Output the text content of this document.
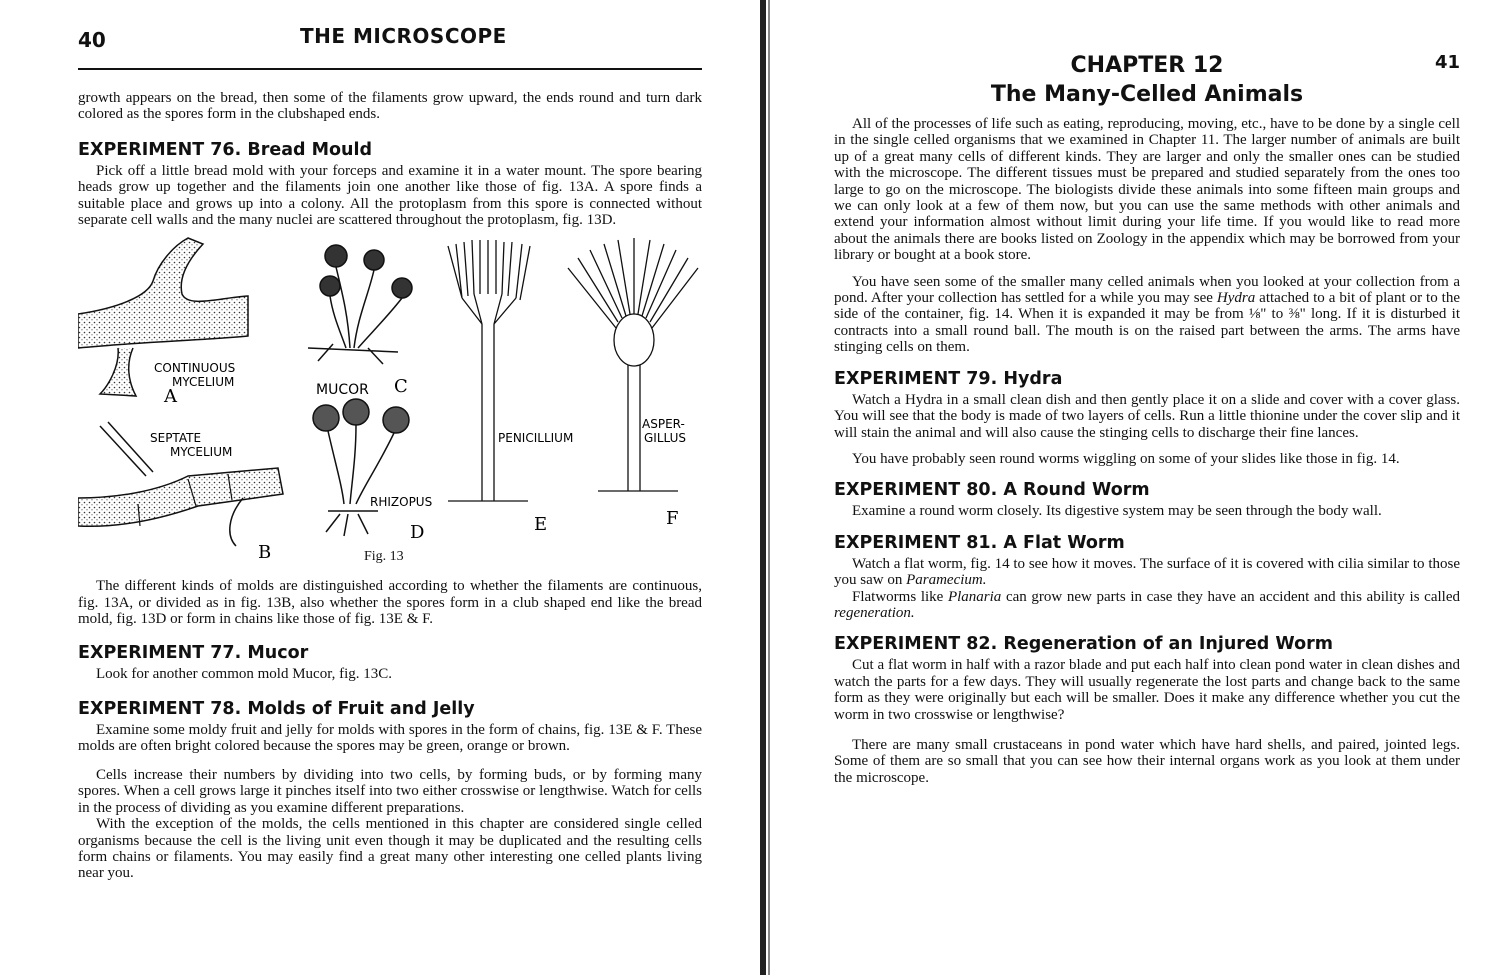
40	THE MICROSCOPE

growth appears on the bread, then some of the filaments grow upward, the ends round and turn dark colored as the spores form in the clubshaped ends.

EXPERIMENT 76. Bread Mould

Pick off a little bread mold with your forceps and examine it in a water mount. The spore bearing heads grow up together and the filaments join one another like those of fig. 13A. A spore finds a suitable place and grows up into a colony. All the protoplasm from this spore is connected without separate cell walls and the many nuclei are scattered throughout the protoplasm, fig. 13D.

CONTINUOUS
MYCELIUM
A
SEPTATE
MYCELIUM
B
MUCOR C
RHIZOPUS
D
PENICILLIUM
E
ASPER-
GILLUS
F
Fig. 13

The different kinds of molds are distinguished according to whether the filaments are continuous, fig. 13A, or divided as in fig. 13B, also whether the spores form in a club shaped end like the bread mold, fig. 13D or form in chains like those of fig. 13E & F.

EXPERIMENT 77. Mucor

Look for another common mold Mucor, fig. 13C.

EXPERIMENT 78. Molds of Fruit and Jelly

Examine some moldy fruit and jelly for molds with spores in the form of chains, fig. 13E & F. These molds are often bright colored because the spores may be green, orange or brown.

Cells increase their numbers by dividing into two cells, by forming buds, or by forming many spores. When a cell grows large it pinches itself into two either crosswise or lengthwise. Watch for cells in the process of dividing as you examine different preparations.

With the exception of the molds, the cells mentioned in this chapter are considered single celled organisms because the cell is the living unit even though it may be duplicated and the resulting cells form chains or filaments. You may easily find a great many other interesting one celled plants living near you.

41
CHAPTER 12
The Many-Celled Animals

All of the processes of life such as eating, reproducing, moving, etc., have to be done by a single cell in the single celled organisms that we examined in Chapter 11. The larger number of animals are built up of a great many cells of different kinds. They are larger and only the smaller ones can be studied with the microscope. The different tissues must be prepared and studied separately from the ones too large to go on the microscope. The biologists divide these animals into some fifteen main groups and we can only look at a few of them now, but you can use the same methods with other animals and extend your information almost without limit during your life time. If you would like to read more about the animals there are books listed on Zoology in the appendix which may be borrowed from your library or bought at a book store.

You have seen some of the smaller many celled animals when you looked at your collection from a pond. After your collection has settled for a while you may see Hydra attached to a bit of plant or to the side of the container, fig. 14. When it is expanded it may be from ⅛" to ⅜" long. If it is disturbed it contracts into a small round ball. The mouth is on the raised part between the arms. The arms have stinging cells on them.

EXPERIMENT 79. Hydra

Watch a Hydra in a small clean dish and then gently place it on a slide and cover with a cover glass. You will see that the body is made of two layers of cells. Run a little thionine under the cover slip and it will stain the animal and will also cause the stinging cells to discharge their fine lances.

You have probably seen round worms wiggling on some of your slides like those in fig. 14.

EXPERIMENT 80. A Round Worm

Examine a round worm closely. Its digestive system may be seen through the body wall.

EXPERIMENT 81. A Flat Worm

Watch a flat worm, fig. 14 to see how it moves. The surface of it is covered with cilia similar to those you saw on Paramecium.

Flatworms like Planaria can grow new parts in case they have an accident and this ability is called regeneration.

EXPERIMENT 82. Regeneration of an Injured Worm

Cut a flat worm in half with a razor blade and put each half into clean pond water in clean dishes and watch the parts for a few days. They will usually regenerate the lost parts and change back to the same form as they were originally but each will be smaller. Does it make any difference whether you cut the worm in two crosswise or lengthwise?

There are many small crustaceans in pond water which have hard shells, and paired, jointed legs. Some of them are so small that you can see how their internal organs work as you look at them under the microscope.
